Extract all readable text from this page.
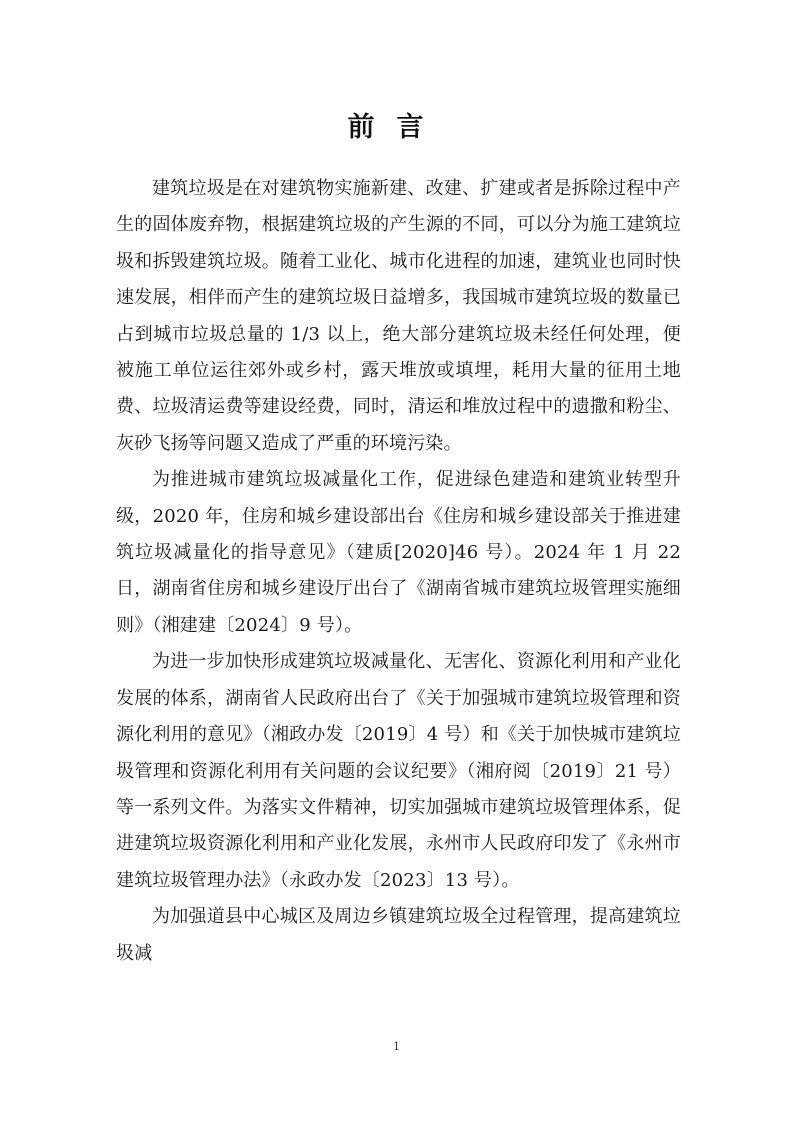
前言

建筑垃圾是在对建筑物实施新建、改建、扩建或者是拆除过程中产生的固体废弃物，根据建筑垃圾的产生源的不同，可以分为施工建筑垃圾和拆毁建筑垃圾。随着工业化、城市化进程的加速，建筑业也同时快速发展，相伴而产生的建筑垃圾日益增多，我国城市建筑垃圾的数量已占到城市垃圾总量的 1/3 以上，绝大部分建筑垃圾未经任何处理，便被施工单位运往郊外或乡村，露天堆放或填埋，耗用大量的征用土地费、垃圾清运费等建设经费，同时，清运和堆放过程中的遗撒和粉尘、灰砂飞扬等问题又造成了严重的环境污染。

为推进城市建筑垃圾减量化工作，促进绿色建造和建筑业转型升级，2020 年，住房和城乡建设部出台《住房和城乡建设部关于推进建筑垃圾减量化的指导意见》（建质[2020]46 号）。2024 年 1 月 22 日，湖南省住房和城乡建设厅出台了《湖南省城市建筑垃圾管理实施细则》（湘建建〔2024〕9 号）。

为进一步加快形成建筑垃圾减量化、无害化、资源化利用和产业化发展的体系，湖南省人民政府出台了《关于加强城市建筑垃圾管理和资源化利用的意见》（湘政办发〔2019〕4 号）和《关于加快城市建筑垃圾管理和资源化利用有关问题的会议纪要》（湘府阅〔2019〕21 号）等一系列文件。为落实文件精神，切实加强城市建筑垃圾管理体系，促进建筑垃圾资源化利用和产业化发展，永州市人民政府印发了《永州市建筑垃圾管理办法》（永政办发〔2023〕13 号）。

为加强道县中心城区及周边乡镇建筑垃圾全过程管理，提高建筑垃圾减

1
